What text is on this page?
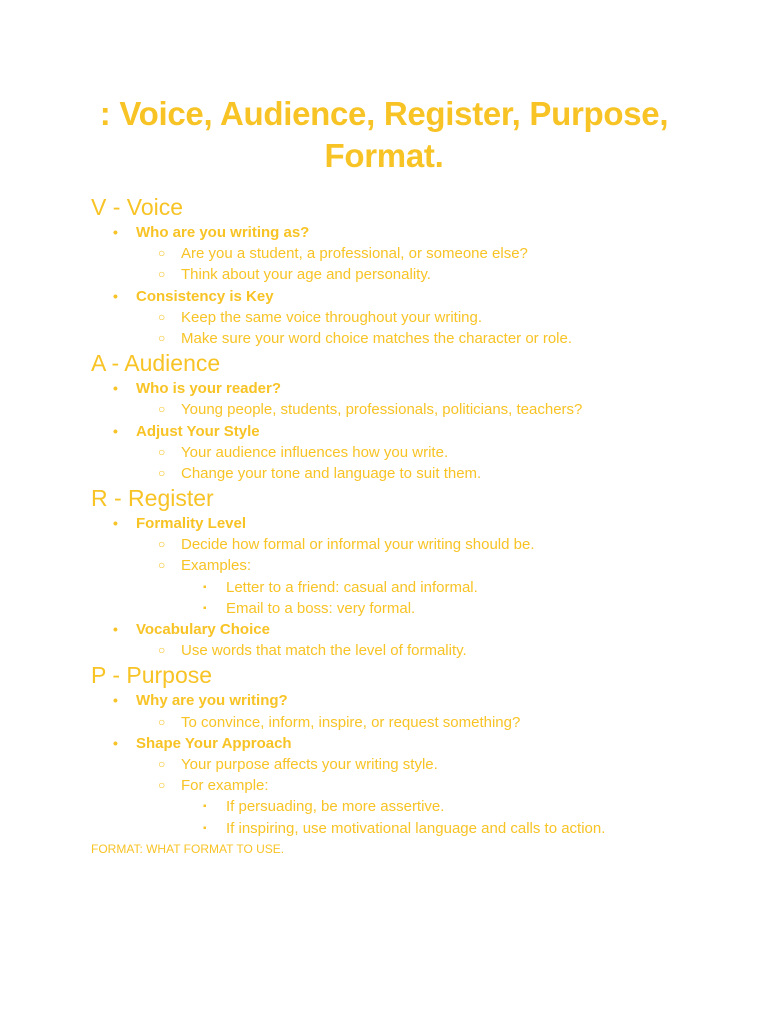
: Voice, Audience, Register, Purpose,
Format.
V - Voice
• Who are you writing as?
○ Are you a student, a professional, or someone else?
○ Think about your age and personality.
• Consistency is Key
○ Keep the same voice throughout your writing.
○ Make sure your word choice matches the character or role.
A - Audience
• Who is your reader?
○ Young people, students, professionals, politicians, teachers?
• Adjust Your Style
○ Your audience influences how you write.
○ Change your tone and language to suit them.
R - Register
• Formality Level
○ Decide how formal or informal your writing should be.
○ Examples:
▪ Letter to a friend: casual and informal.
▪ Email to a boss: very formal.
• Vocabulary Choice
○ Use words that match the level of formality.
P - Purpose
• Why are you writing?
○ To convince, inform, inspire, or request something?
• Shape Your Approach
○ Your purpose affects your writing style.
○ For example:
▪ If persuading, be more assertive.
▪ If inspiring, use motivational language and calls to action.
FORMAT: WHAT FORMAT TO USE.
